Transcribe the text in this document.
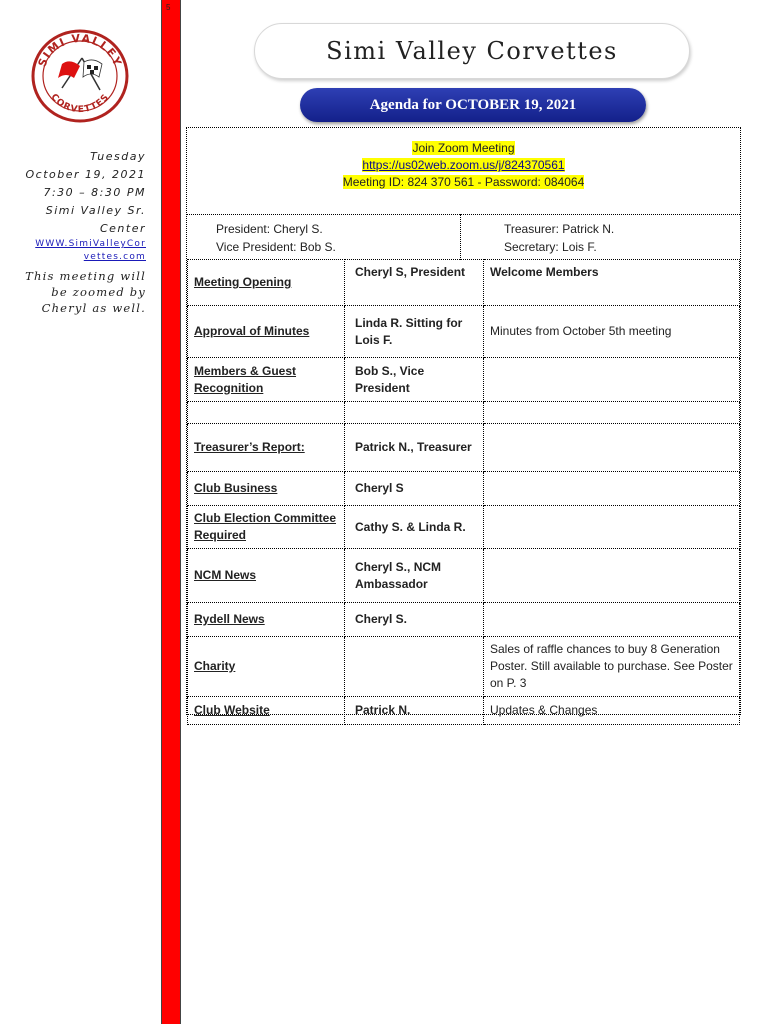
5
SIMI VALLEY
CORVETTES
Simi Valley Corvettes
Agenda for OCTOBER 19, 2021
Tuesday
October 19, 2021
7:30 – 8:30 PM
Simi Valley Sr.
Center
WWW.SimiValleyCor
vettes.com
This meeting will be zoomed by Cheryl as well.
Join Zoom Meeting
https://us02web.zoom.us/j/824370561
Meeting ID: 824 370 561 - Password: 084064
President: Cheryl S.
Vice President: Bob S.
Treasurer: Patrick N.
Secretary: Lois F.
Meeting Opening	Cheryl S, President	Welcome Members
Approval of Minutes	Linda R. Sitting for Lois F.	Minutes from October 5th meeting
Members & Guest Recognition	Bob S., Vice President	

Treasurer’s Report:	Patrick N., Treasurer	
Club Business	Cheryl S	
Club Election Committee Required	Cathy S. & Linda R.	
NCM News	Cheryl S., NCM Ambassador	
Rydell News	Cheryl S.	
Charity		Sales of raffle chances to buy 8 Generation Poster. Still available to purchase. See Poster on P. 3
Club Website	Patrick N.	Updates & Changes
